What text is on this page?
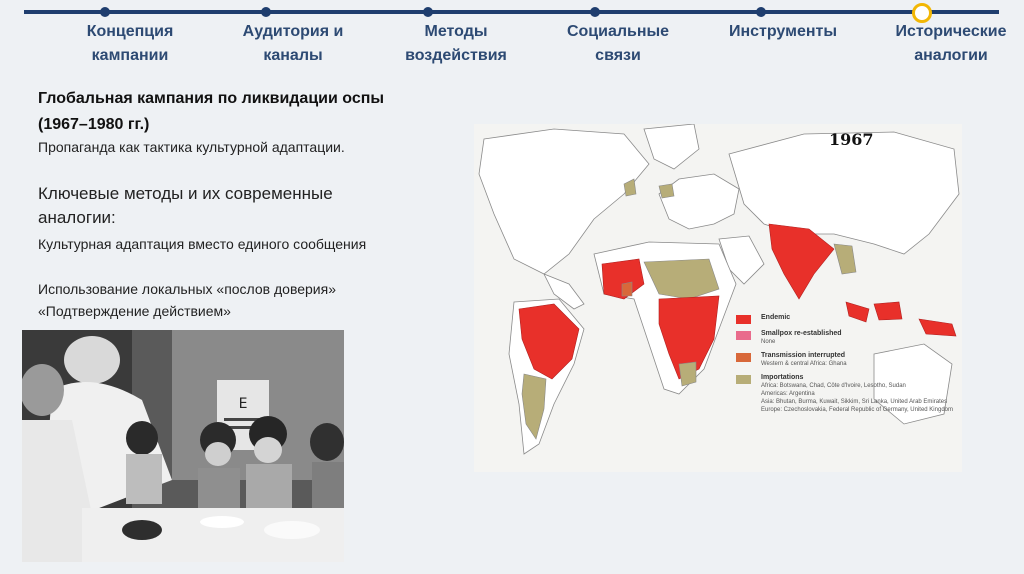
Концепция
кампании
Аудитория и
каналы
Методы
воздействия
Социальные
связи
Инструменты	Исторические
аналогии
Глобальная кампания по ликвидации оспы
(1967–1980 гг.)
Пропаганда как тактика культурной адаптации.
Ключевые методы и их современные
аналогии:
Культурная адаптация вместо единого сообщения
Использование локальных «послов доверия»
«Подтверждение действием»
E
1967
Endemic
Smallpox re-established
None
Transmission interrupted
Western & central Africa: Ghana
Importations
Africa: Botswana, Chad, Côte d'Ivoire, Lesotho, Sudan
Americas: Argentina
Asia: Bhutan, Burma, Kuwait, Sikkim, Sri Lanka, United Arab Emirates
Europe: Czechoslovakia, Federal Republic of Germany, United Kingdom
